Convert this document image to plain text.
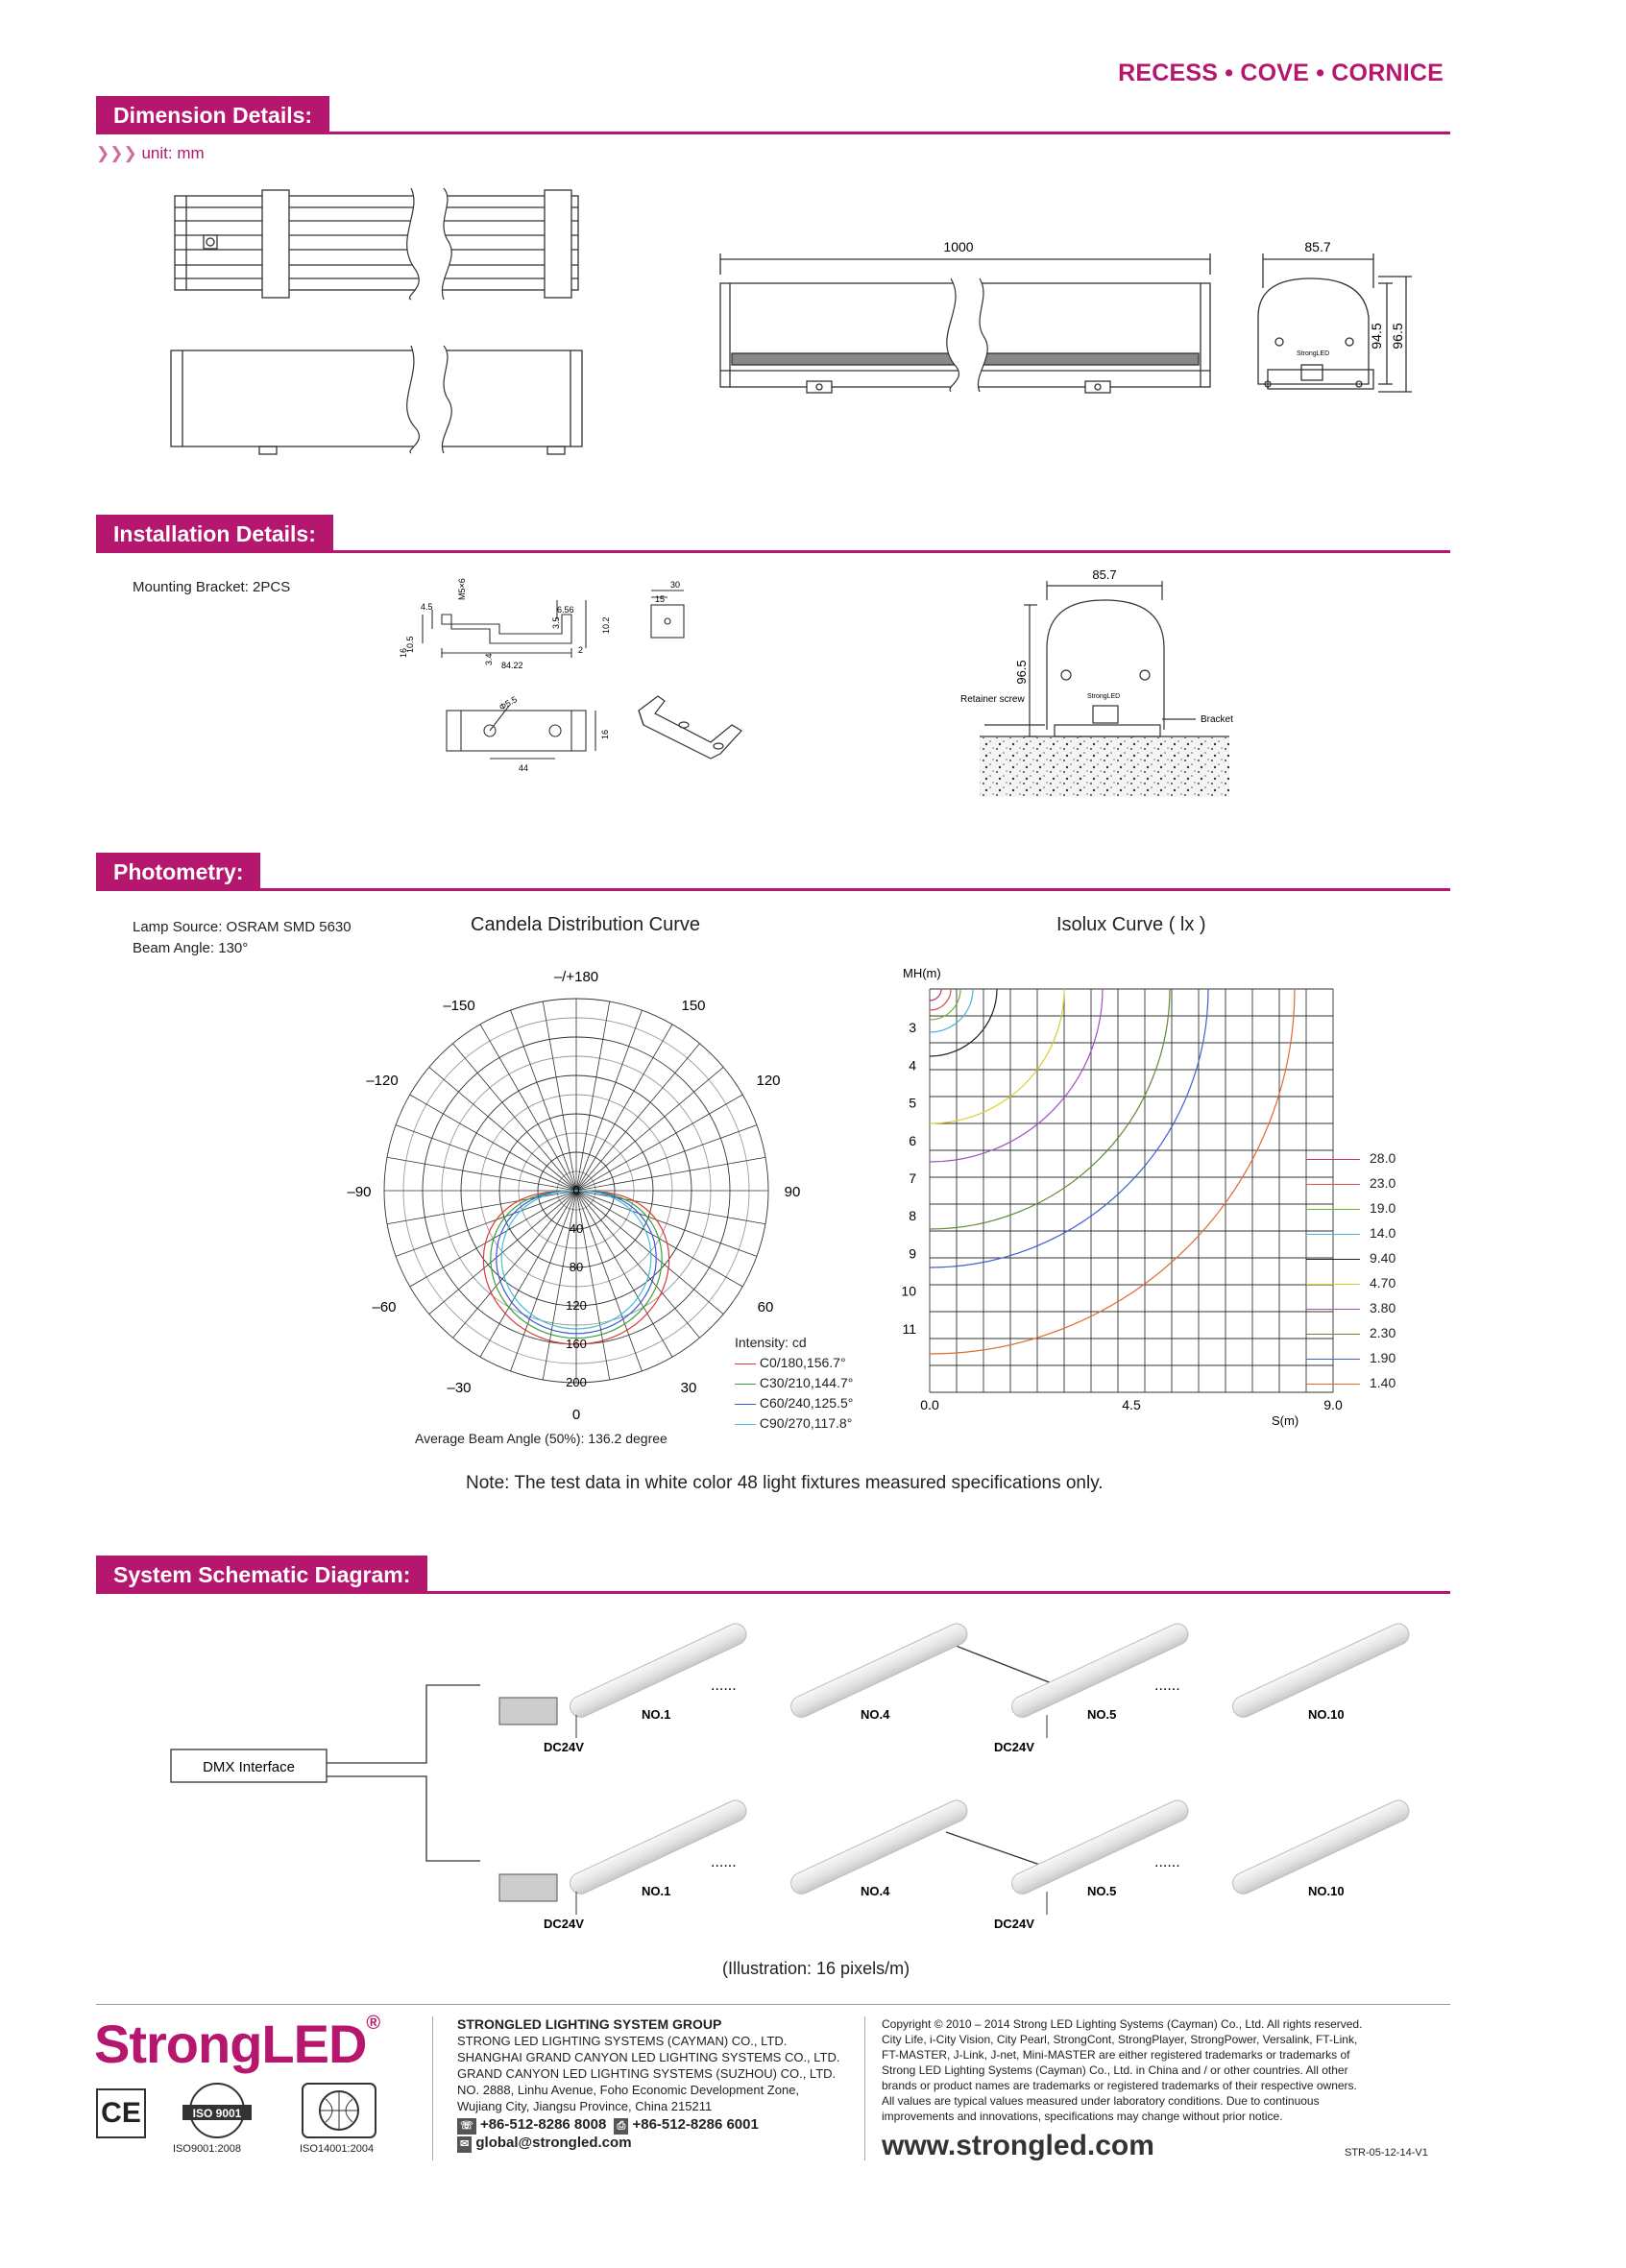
RECESS • COVE • CORNICE
Dimension Details:
❯❯❯ unit: mm
1000
StrongLED
85.7
94.5 96.5
Installation Details:
Mounting Bracket: 2PCS
4.5
10.5
16
M5×6
3.4 84.22
6.56
3.5
2
10.2
30
15
44
16
Φ5.5
85.7
96.5
StrongLED
Retainer screw
Bracket
Photometry:
Lamp Source: OSRAM SMD 5630
Beam Angle: 130°
Candela Distribution Curve	Isolux Curve ( lx )
–/+180
150
120
90
60
30
0
–30
–60
–90
–120
–150
0
40
80
120
160
200
Intensity: cd
C0/180,156.7°
C30/210,144.7°
C60/240,125.5°
C90/270,117.8°
Average Beam Angle (50%): 136.2 degree
MH(m)
S(m)
3
4
5
6
7
8
9
10
11
0.0	4.5	9.0
28.0
23.0
19.0
14.0
9.40
4.70
3.80
2.30
1.90
1.40
Note: The test data in white color 48 light fixtures measured specifications only.
System Schematic Diagram:
DMX Interface
......	......
NO.1	NO.4	NO.5	NO.10
DC24V	DC24V
......	......
NO.1	NO.4	NO.5	NO.10
DC24V	DC24V
(Illustration: 16 pixels/m)
StrongLED®
CE	ISO 9001
ISO9001:2008	ISO14001:2004
STRONGLED LIGHTING SYSTEM GROUP
STRONG LED LIGHTING SYSTEMS (CAYMAN) CO., LTD.
SHANGHAI GRAND CANYON LED LIGHTING SYSTEMS CO., LTD.
GRAND CANYON LED LIGHTING SYSTEMS (SUZHOU) CO., LTD.
NO. 2888, Linhu Avenue, Foho Economic Development Zone,
Wujiang City, Jiangsu Province, China 215211
☏ +86-512-8286 8008 ⎙ +86-512-8286 6001
✉ global@strongled.com
Copyright © 2010 – 2014 Strong LED Lighting Systems (Cayman) Co., Ltd. All rights reserved.
City Life, i-City Vision, City Pearl, StrongCont, StrongPlayer, StrongPower, Versalink, FT-Link,
FT-MASTER, J-Link, J-net, Mini-MASTER are either registered trademarks or trademarks of
Strong LED Lighting Systems (Cayman) Co., Ltd. in China and / or other countries. All other
brands or product names are trademarks or registered trademarks of their respective owners.
All values are typical values measured under laboratory conditions. Due to continuous
improvements and innovations, specifications may change without prior notice.
www.strongled.com	STR-05-12-14-V1
